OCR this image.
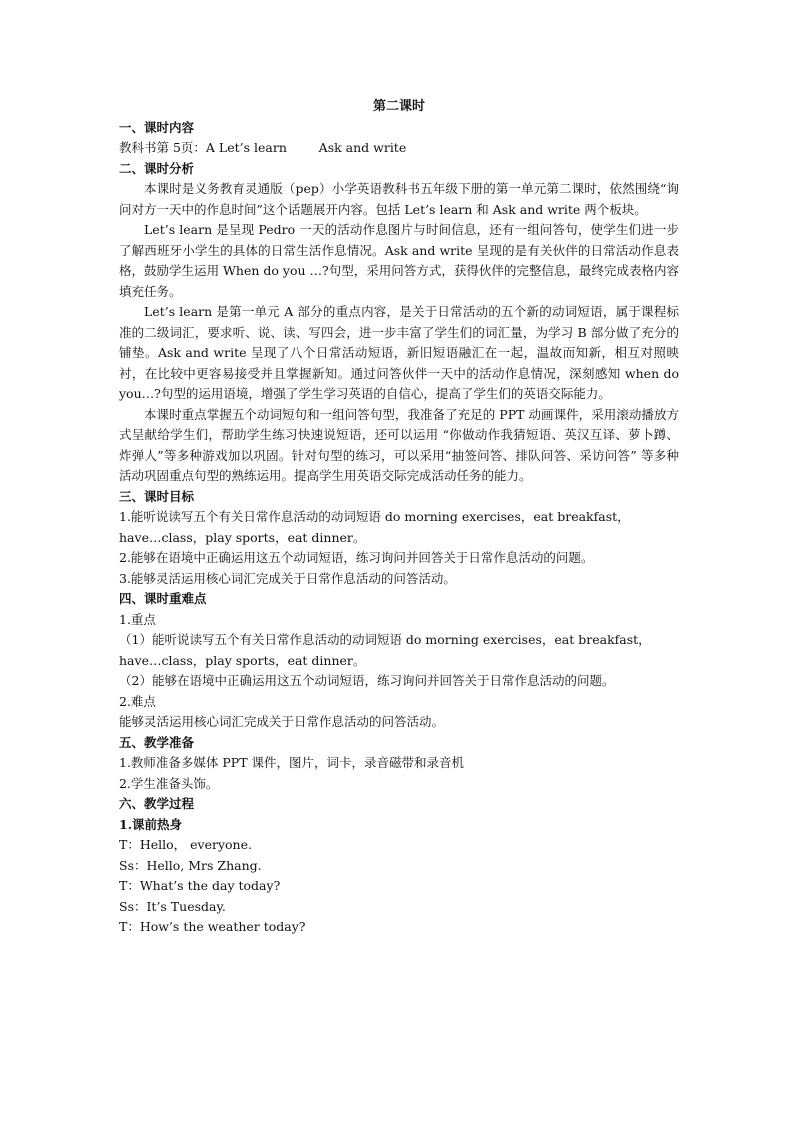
第二课时

一、课时内容

教科书第 5页：A Let’s learn        Ask and write

二、课时分析

本课时是义务教育灵通版（pep）小学英语教科书五年级下册的第一单元第二课时，依然围绕“询问对方一天中的作息时间”这个话题展开内容。包括 Let’s learn 和 Ask and write 两个板块。

Let’s learn 是呈现 Pedro 一天的活动作息图片与时间信息，还有一组问答句，使学生们进一步了解西班牙小学生的具体的日常生活作息情况。Ask and write 呈现的是有关伙伴的日常活动作息表格，鼓励学生运用 When do you …?句型，采用问答方式，获得伙伴的完整信息，最终完成表格内容填充任务。

Let’s learn 是第一单元 A 部分的重点内容，是关于日常活动的五个新的动词短语，属于课程标准的二级词汇，要求听、说、读、写四会，进一步丰富了学生们的词汇量，为学习 B 部分做了充分的铺垫。Ask and write 呈现了八个日常活动短语，新旧短语融汇在一起，温故而知新，相互对照映衬，在比较中更容易接受并且掌握新知。通过问答伙伴一天中的活动作息情况，深刻感知 when do you…?句型的运用语境，增强了学生学习英语的自信心，提高了学生们的英语交际能力。

本课时重点掌握五个动词短句和一组问答句型，我准备了充足的 PPT 动画课件，采用滚动播放方式呈献给学生们，帮助学生练习快速说短语，还可以运用 “你做动作我猜短语、英汉互译、萝卜蹲、炸弹人”等多种游戏加以巩固。针对句型的练习，可以采用“抽签问答、排队问答、采访问答” 等多种活动巩固重点句型的熟练运用。提高学生用英语交际完成活动任务的能力。

三、课时目标

1.能听说读写五个有关日常作息活动的动词短语 do morning exercises，eat breakfast，

have…class，play sports，eat dinner。

2.能够在语境中正确运用这五个动词短语，练习询问并回答关于日常作息活动的问题。

3.能够灵活运用核心词汇完成关于日常作息活动的问答活动。

四、课时重难点

1.重点

（1）能听说读写五个有关日常作息活动的动词短语 do morning exercises，eat breakfast，

have…class，play sports，eat dinner。

（2）能够在语境中正确运用这五个动词短语，练习询问并回答关于日常作息活动的问题。

2.难点

能够灵活运用核心词汇完成关于日常作息活动的问答活动。

五、教学准备

1.教师准备多媒体 PPT 课件，图片，词卡，录音磁带和录音机

2.学生准备头饰。

六、教学过程

1.课前热身

T：Hello， everyone.

Ss：Hello, Mrs Zhang.

T：What’s the day today?

Ss：It’s Tuesday.

T：How’s the weather today?
